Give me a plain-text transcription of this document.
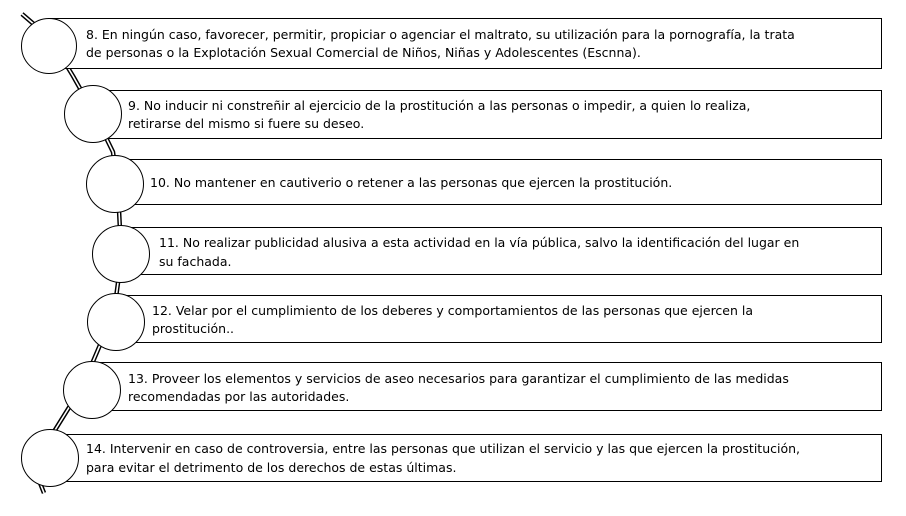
8. En ningún caso, favorecer, permitir, propiciar o agenciar el maltrato, su utilización para la pornografía, la trata
de personas o la Explotación Sexual Comercial de Niños, Niñas y Adolescentes (Escnna).
9. No inducir ni constreñir al ejercicio de la prostitución a las personas o impedir, a quien lo realiza,
retirarse del mismo si fuere su deseo.
10. No mantener en cautiverio o retener a las personas que ejercen la prostitución.
11. No realizar publicidad alusiva a esta actividad en la vía pública, salvo la identificación del lugar en
su fachada.
12. Velar por el cumplimiento de los deberes y comportamientos de las personas que ejercen la
prostitución..
13. Proveer los elementos y servicios de aseo necesarios para garantizar el cumplimiento de las medidas
recomendadas por las autoridades.
14. Intervenir en caso de controversia, entre las personas que utilizan el servicio y las que ejercen la prostitución,
para evitar el detrimento de los derechos de estas últimas.
